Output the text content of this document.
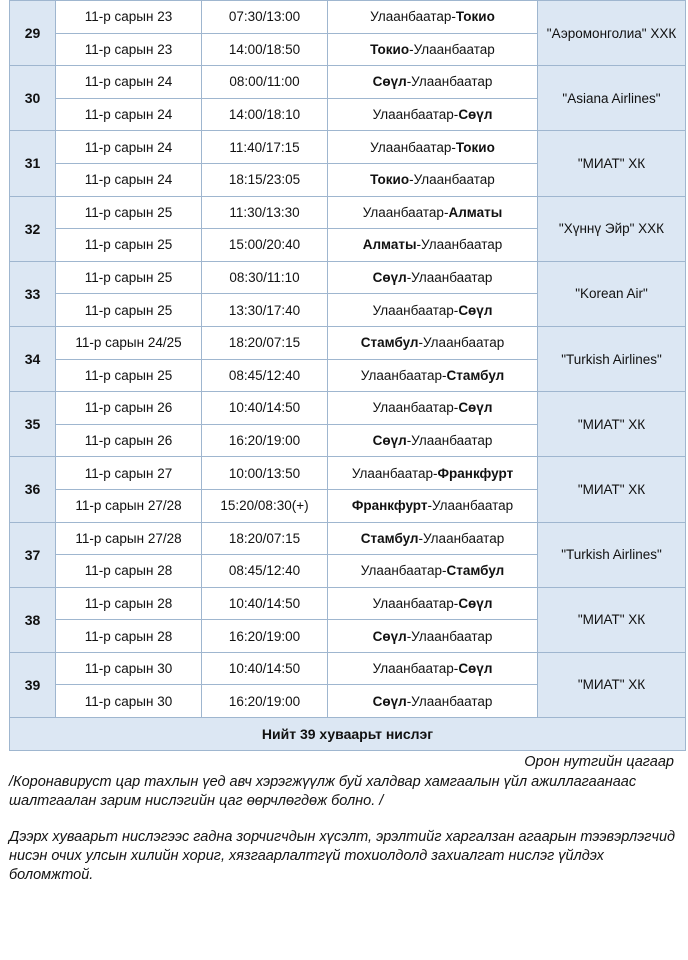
29	11-р сарын 23	07:30/13:00	Улаанбаатар-Токио	"Аэромонголиа" ХХК
	11-р сарын 23	14:00/18:50	Токио-Улаанбаатар	
30	11-р сарын 24	08:00/11:00	Сөүл-Улаанбаатар	"Asiana Airlines"
	11-р сарын 24	14:00/18:10	Улаанбаатар-Сөүл	
31	11-р сарын 24	11:40/17:15	Улаанбаатар-Токио	"МИАТ" ХК
	11-р сарын 24	18:15/23:05	Токио-Улаанбаатар	
32	11-р сарын 25	11:30/13:30	Улаанбаатар-Алматы	"Хүннү Эйр" ХХК
	11-р сарын 25	15:00/20:40	Алматы-Улаанбаатар	
33	11-р сарын 25	08:30/11:10	Сөүл-Улаанбаатар	"Korean Air"
	11-р сарын 25	13:30/17:40	Улаанбаатар-Сөүл	
34	11-р сарын 24/25	18:20/07:15	Стамбул-Улаанбаатар	"Turkish Airlines"
	11-р сарын 25	08:45/12:40	Улаанбаатар-Стамбул	
35	11-р сарын 26	10:40/14:50	Улаанбаатар-Сөүл	"МИАТ" ХК
	11-р сарын 26	16:20/19:00	Сөүл-Улаанбаатар	
36	11-р сарын 27	10:00/13:50	Улаанбаатар-Франкфурт	"МИАТ" ХК
	11-р сарын 27/28	15:20/08:30(+)	Франкфурт-Улаанбаатар	
37	11-р сарын 27/28	18:20/07:15	Стамбул-Улаанбаатар	"Turkish Airlines"
	11-р сарын 28	08:45/12:40	Улаанбаатар-Стамбул	
38	11-р сарын 28	10:40/14:50	Улаанбаатар-Сөүл	"МИАТ" ХК
	11-р сарын 28	16:20/19:00	Сөүл-Улаанбаатар	
39	11-р сарын 30	10:40/14:50	Улаанбаатар-Сөүл	"МИАТ" ХК
	11-р сарын 30	16:20/19:00	Сөүл-Улаанбаатар	
Нийт 39 хуваарьт нислэг				
Орон нутгийн цагаар
/Коронавируст цар тахлын үед авч хэрэгжүүлж буй халдвар хамгаалын үйл ажиллагаанаас шалтгаалан зарим нислэгийн цаг өөрчлөгдөж болно. /
Дээрх хуваарьт нислэгээс гадна зорчигчдын хүсэлт, эрэлтийг харгалзан агаарын тээвэрлэгчид нисэн очих улсын хилийн хориг, хязгаарлалтгүй тохиолдолд захиалгат нислэг үйлдэх боломжтой.
